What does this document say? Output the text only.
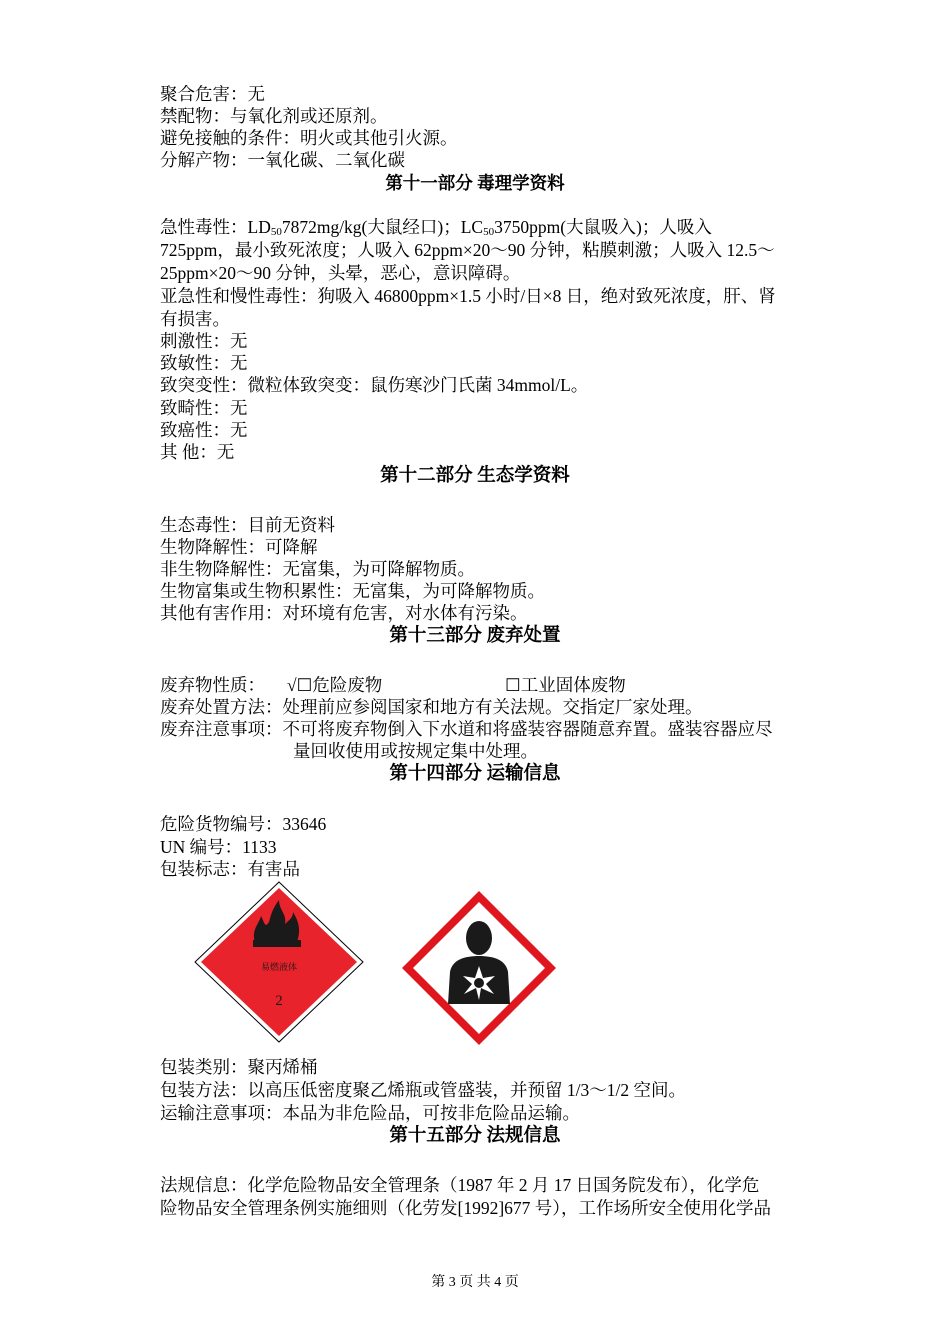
聚合危害：无
禁配物：与氧化剂或还原剂。
避免接触的条件：明火或其他引火源。
分解产物：一氧化碳、二氧化碳
第十一部分 毒理学资料
急性毒性：$LD_{50}7872mg/kg$(大鼠经口)；$LC_{50}3750ppm$(大鼠吸入)；人吸入
725ppm，最小致死浓度；人吸入 62ppm×20～90 分钟，粘膜刺激；人吸入 12.5～
25ppm×20～90 分钟，头晕，恶心，意识障碍。
亚急性和慢性毒性：狗吸入 46800ppm×1.5 小时/日×8 日，绝对致死浓度，肝、肾
有损害。
刺激性：无
致敏性：无
致突变性：微粒体致突变：鼠伤寒沙门氏菌 34mmol/L。
致畸性：无
致癌性：无
其 他：无
第十二部分 生态学资料
生态毒性：目前无资料
生物降解性：可降解
非生物降解性：无富集，为可降解物质。
生物富集或生物积累性：无富集，为可降解物质。
其他有害作用：对环境有危害，对水体有污染。
第十三部分 废弃处置
废弃物性质： √☐危险废物	☐工业固体废物
废弃处置方法：处理前应参阅国家和地方有关法规。交指定厂家处理。
废弃注意事项：不可将废弃物倒入下水道和将盛装容器随意弃置。盛装容器应尽
量回收使用或按规定集中处理。
第十四部分 运输信息
危险货物编号：33646
UN 编号：1133
包装标志：有害品
易燃液体
2
包装类别：聚丙烯桶
包装方法：以高压低密度聚乙烯瓶或管盛装，并预留 1/3～1/2 空间。
运输注意事项：本品为非危险品，可按非危险品运输。
第十五部分 法规信息
法规信息：化学危险物品安全管理条（1987 年 2 月 17 日国务院发布），化学危
险物品安全管理条例实施细则（化劳发[1992]677 号），工作场所安全使用化学品
第 3 页 共 4 页
